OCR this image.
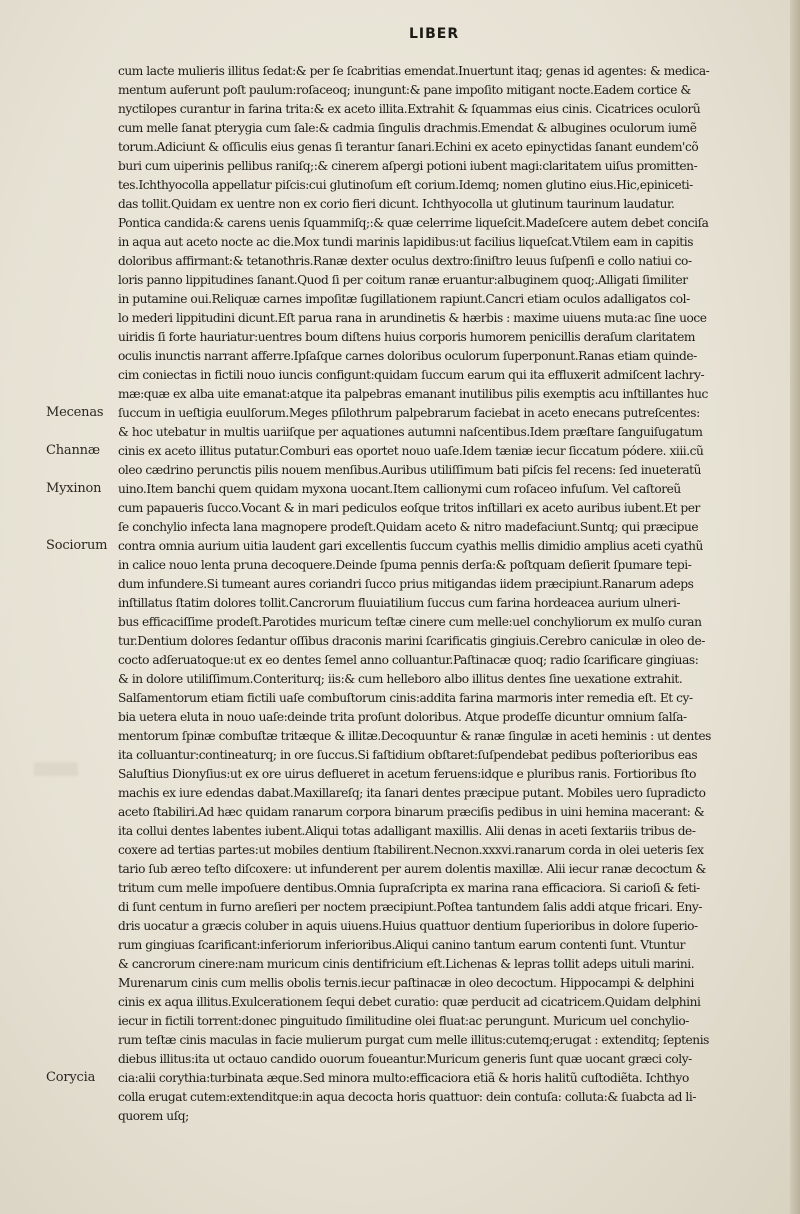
LIBER
Mecenas
Channæ
Myxinon
Sociorum
Corycia
cum lacte mulieris illitus ſedat:& per ſe ſcabritias emendat.Inuertunt itaq; genas id agentes: & medica-
mentum auferunt poſt paulum:roſaceoq; inungunt:& pane impoſito mitigant nocte.Eadem cortice &
nyctilopes curantur in farina trita:& ex aceto illita.Extrahit & ſquammas eius cinis. Cicatrices oculorũ
cum melle ſanat pterygia cum ſale:& cadmia ſingulis drachmis.Emendat & albugines oculorum iumẽ
torum.Adiciunt & oſſiculis eius genas ſi terantur ſanari.Echini ex aceto epinyctidas ſanant eundem'cõ
buri cum uiperinis pellibus raniſq;:& cinerem aſpergi potioni iubent magi:claritatem uiſus promitten-
tes.Ichthyocolla appellatur piſcis:cui glutinoſum eſt corium.Idemq; nomen glutino eius.Hic,epiniceti-
das tollit.Quidam ex uentre non ex corio fieri dicunt. Ichthyocolla ut glutinum taurinum laudatur.
Pontica candida:& carens uenis ſquammiſq;:& quæ celerrime liqueſcit.Madeſcere autem debet conciſa
in aqua aut aceto nocte ac die.Mox tundi marinis lapidibus:ut facilius liqueſcat.Vtilem eam in capitis
doloribus affirmant:& tetanothris.Ranæ dexter oculus dextro:ſiniſtro leuus ſuſpenſi e collo natiui co-
loris panno lippitudines ſanant.Quod ſi per coitum ranæ eruantur:albuginem quoq;.Alligati ſimiliter
in putamine oui.Reliquæ carnes impoſitæ ſugillationem rapiunt.Cancri etiam oculos adalligatos col-
lo mederi lippitudini dicunt.Eſt parua rana in arundinetis & hærbis : maxime uiuens muta:ac ſine uoce
uiridis ſi forte hauriatur:uentres boum diſtens huius corporis humorem penicillis deraſum claritatem
oculis inunctis narrant afferre.Ipſaſque carnes doloribus oculorum ſuperponunt.Ranas etiam quinde-
cim coniectas in fictili nouo iuncis configunt:quidam ſuccum earum qui ita effluxerit admiſcent lachry-
mæ:quæ ex alba uite emanat:atque ita palpebras emanant inutilibus pilis exemptis acu inſtillantes huc
ſuccum in ueſtigia euulſorum.Meges pſilothrum palpebrarum faciebat in aceto enecans putreſcentes:
& hoc utebatur in multis uariiſque per aquationes autumni naſcentibus.Idem præſtare ſanguiſugatum
cinis ex aceto illitus putatur.Comburi eas oportet nouo uaſe.Idem tæniæ iecur ſiccatum pódere. xiii.cũ
oleo cædrino perunctis pilis nouem menſibus.Auribus utiliſſimum bati piſcis fel recens: ſed inueteratũ
uino.Item banchi quem quidam myxona uocant.Item callionymi cum roſaceo infuſum. Vel caſtoreũ
cum papaueris ſucco.Vocant & in mari pediculos eoſque tritos inſtillari ex aceto auribus iubent.Et per
ſe conchylio infecta lana magnopere prodeſt.Quidam aceto & nitro madefaciunt.Suntq; qui præcipue
contra omnia aurium uitia laudent gari excellentis ſuccum cyathis mellis dimidio amplius aceti cyathũ
in calice nouo lenta pruna decoquere.Deinde ſpuma pennis derſa:& poſtquam deſierit ſpumare tepi-
dum infundere.Si tumeant aures coriandri ſucco prius mitigandas iidem præcipiunt.Ranarum adeps
inſtillatus ſtatim dolores tollit.Cancrorum fluuiatilium ſuccus cum farina hordeacea aurium ulneri-
bus efficaciſſime prodeſt.Parotides muricum teſtæ cinere cum melle:uel conchyliorum ex mulſo curan
tur.Dentium dolores ſedantur oſſibus draconis marini ſcarificatis gingiuis.Cerebro caniculæ in oleo de-
cocto adſeruatoque:ut ex eo dentes ſemel anno colluantur.Paſtinacæ quoq; radio ſcarificare gingiuas:
& in dolore utiliſſimum.Conteriturq; iis:& cum helleboro albo illitus dentes ſine uexatione extrahit.
Salſamentorum etiam fictili uaſe combuſtorum cinis:addita farina marmoris inter remedia eſt. Et cy-
bia uetera eluta in nouo uaſe:deinde trita proſunt doloribus. Atque prodeſſe dicuntur omnium ſalſa-
mentorum ſpinæ combuſtæ tritæque & illitæ.Decoquuntur & ranæ ſingulæ in aceti heminis : ut dentes
ita colluantur:contineaturq; in ore ſuccus.Si faſtidium obſtaret:ſuſpendebat pedibus poſterioribus eas
Saluſtius Dionyſius:ut ex ore uirus deflueret in acetum feruens:idque e pluribus ranis. Fortioribus ſto
machis ex iure edendas dabat.Maxillareſq; ita ſanari dentes præcipue putant. Mobiles uero ſupradicto
aceto ſtabiliri.Ad hæc quidam ranarum corpora binarum præciſis pedibus in uini hemina macerant: &
ita collui dentes labentes iubent.Aliqui totas adalligant maxillis. Alii denas in aceti ſextariis tribus de-
coxere ad tertias partes:ut mobiles dentium ſtabilirent.Necnon.xxxvi.ranarum corda in olei ueteris ſex
tario ſub æreo teſto diſcoxere: ut infunderent per aurem dolentis maxillæ. Alii iecur ranæ decoctum &
tritum cum melle impoſuere dentibus.Omnia ſupraſcripta ex marina rana efficaciora. Si carioſi & feti-
di ſunt centum in furno areſieri per noctem præcipiunt.Poſtea tantundem ſalis addi atque fricari. Eny-
dris uocatur a græcis coluber in aquis uiuens.Huius quattuor dentium ſuperioribus in dolore ſuperio-
rum gingiuas ſcarificant:inferiorum inferioribus.Aliqui canino tantum earum contenti ſunt. Vtuntur
& cancrorum cinere:nam muricum cinis dentifricium eſt.Lichenas & lepras tollit adeps uituli marini.
Murenarum cinis cum mellis obolis ternis.iecur paſtinacæ in oleo decoctum. Hippocampi & delphini
cinis ex aqua illitus.Exulcerationem ſequi debet curatio: quæ perducit ad cicatricem.Quidam delphini
iecur in fictili torrent:donec pinguitudo ſimilitudine olei fluat:ac perungunt. Muricum uel conchylio-
rum teſtæ cinis maculas in facie mulierum purgat cum melle illitus:cutemq;erugat : extenditq; ſeptenis
diebus illitus:ita ut octauo candido ouorum foueantur.Muricum generis ſunt quæ uocant græci coly-
cia:alii corythia:turbinata æque.Sed minora multo:efficaciora etiã & horis halitũ cuſtodiẽta. Ichthyo
colla erugat cutem:extenditque:in aqua decocta horis quattuor: dein contuſa: colluta:& ſuabcta ad li-
quorem uſq;
